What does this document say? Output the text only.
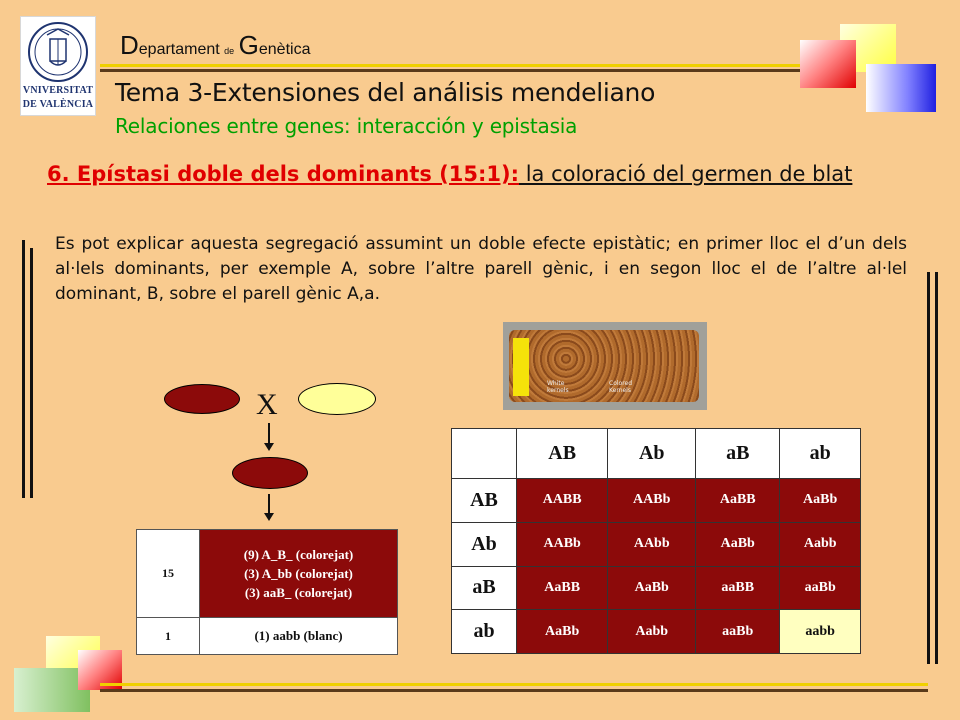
VNIVERSITAT
DE VALÈNCIA
Departament de Genètica
Tema 3-Extensiones del análisis mendeliano
Relaciones entre genes: interacción y epistasia
6. Epístasi doble dels dominants (15:1): la coloració del germen de blat
Es pot explicar aquesta segregació assumint un doble efecte epistàtic; en primer lloc el d’un dels al·lels dominants, per exemple A, sobre l’altre parell gènic, i en segon lloc el de l’altre al·lel dominant, B, sobre el parell gènic A,a.
White
kernels
Colored
Kernels
X
15	(9) A_B_ (colorejat)
(3) A_bb (colorejat)
(3) aaB_ (colorejat)

1	(1) aabb (blanc)
	AB	Ab	aB	ab
AB	AABB	AABb	AaBB	AaBb
Ab	AABb	AAbb	AaBb	Aabb
aB	AaBB	AaBb	aaBB	aaBb
ab	AaBb	Aabb	aaBb	aabb
